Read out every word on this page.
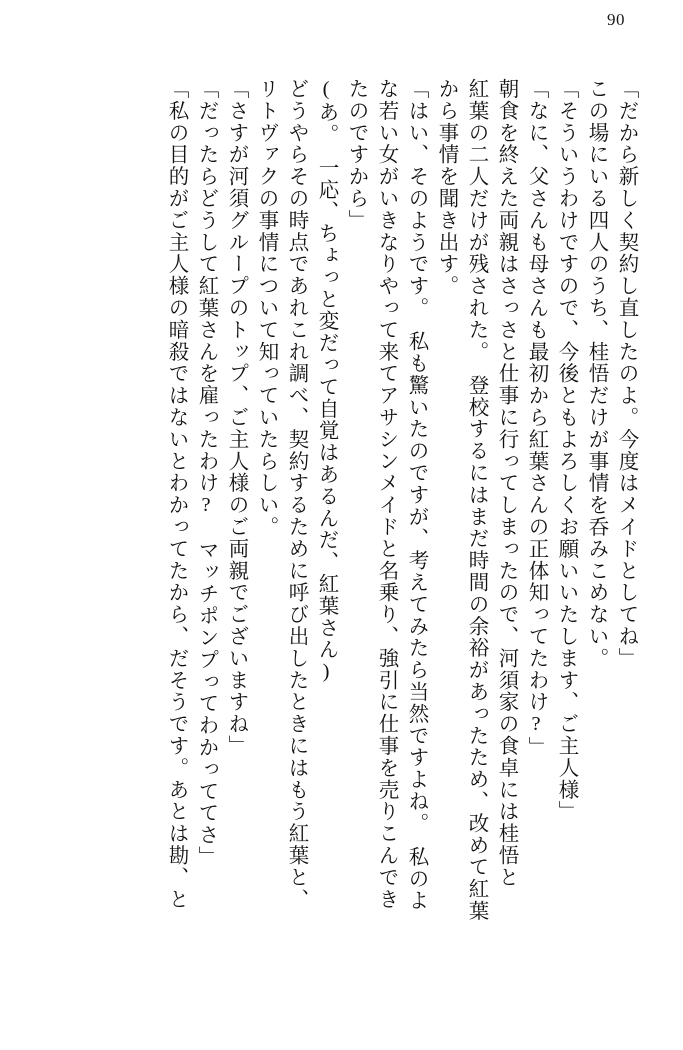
90
「だから新しく契約し直したのよ。今度はメイドとしてね」
この場にいる四人のうち、桂悟だけが事情を呑みこめない。
「そういうわけですので、今後ともよろしくお願いいたします、ご主人様」
「なに、父さんも母さんも最初から紅葉さんの正体知ってたわけ?」
朝食を終えた両親はさっさと仕事に行ってしまったので、河須家の食卓には桂悟と
紅葉の二人だけが残された。　登校するにはまだ時間の余裕があったため、改めて紅葉
から事情を聞き出す。
「はい、そのようです。　私も驚いたのですが、考えてみたら当然ですよね。　私のよ
な若い女がいきなりやって来てアサシンメイドと名乗り、強引に仕事を売りこんでき
たのですから」
(あ。　一応、ちょっと変だって自覚はあるんだ、紅葉さん)
どうやらその時点であれこれ調べ、契約するために呼び出したときにはもう紅葉と、
リトヴァクの事情について知っていたらしい。
「さすが河須グループのトップ、ご主人様のご両親でございますね」
「だったらどうして紅葉さんを雇ったわけ?　マッチポンプってわかっててさ」
「私の目的がご主人様の暗殺ではないとわかってたから、だそうです。あとは勘、と
